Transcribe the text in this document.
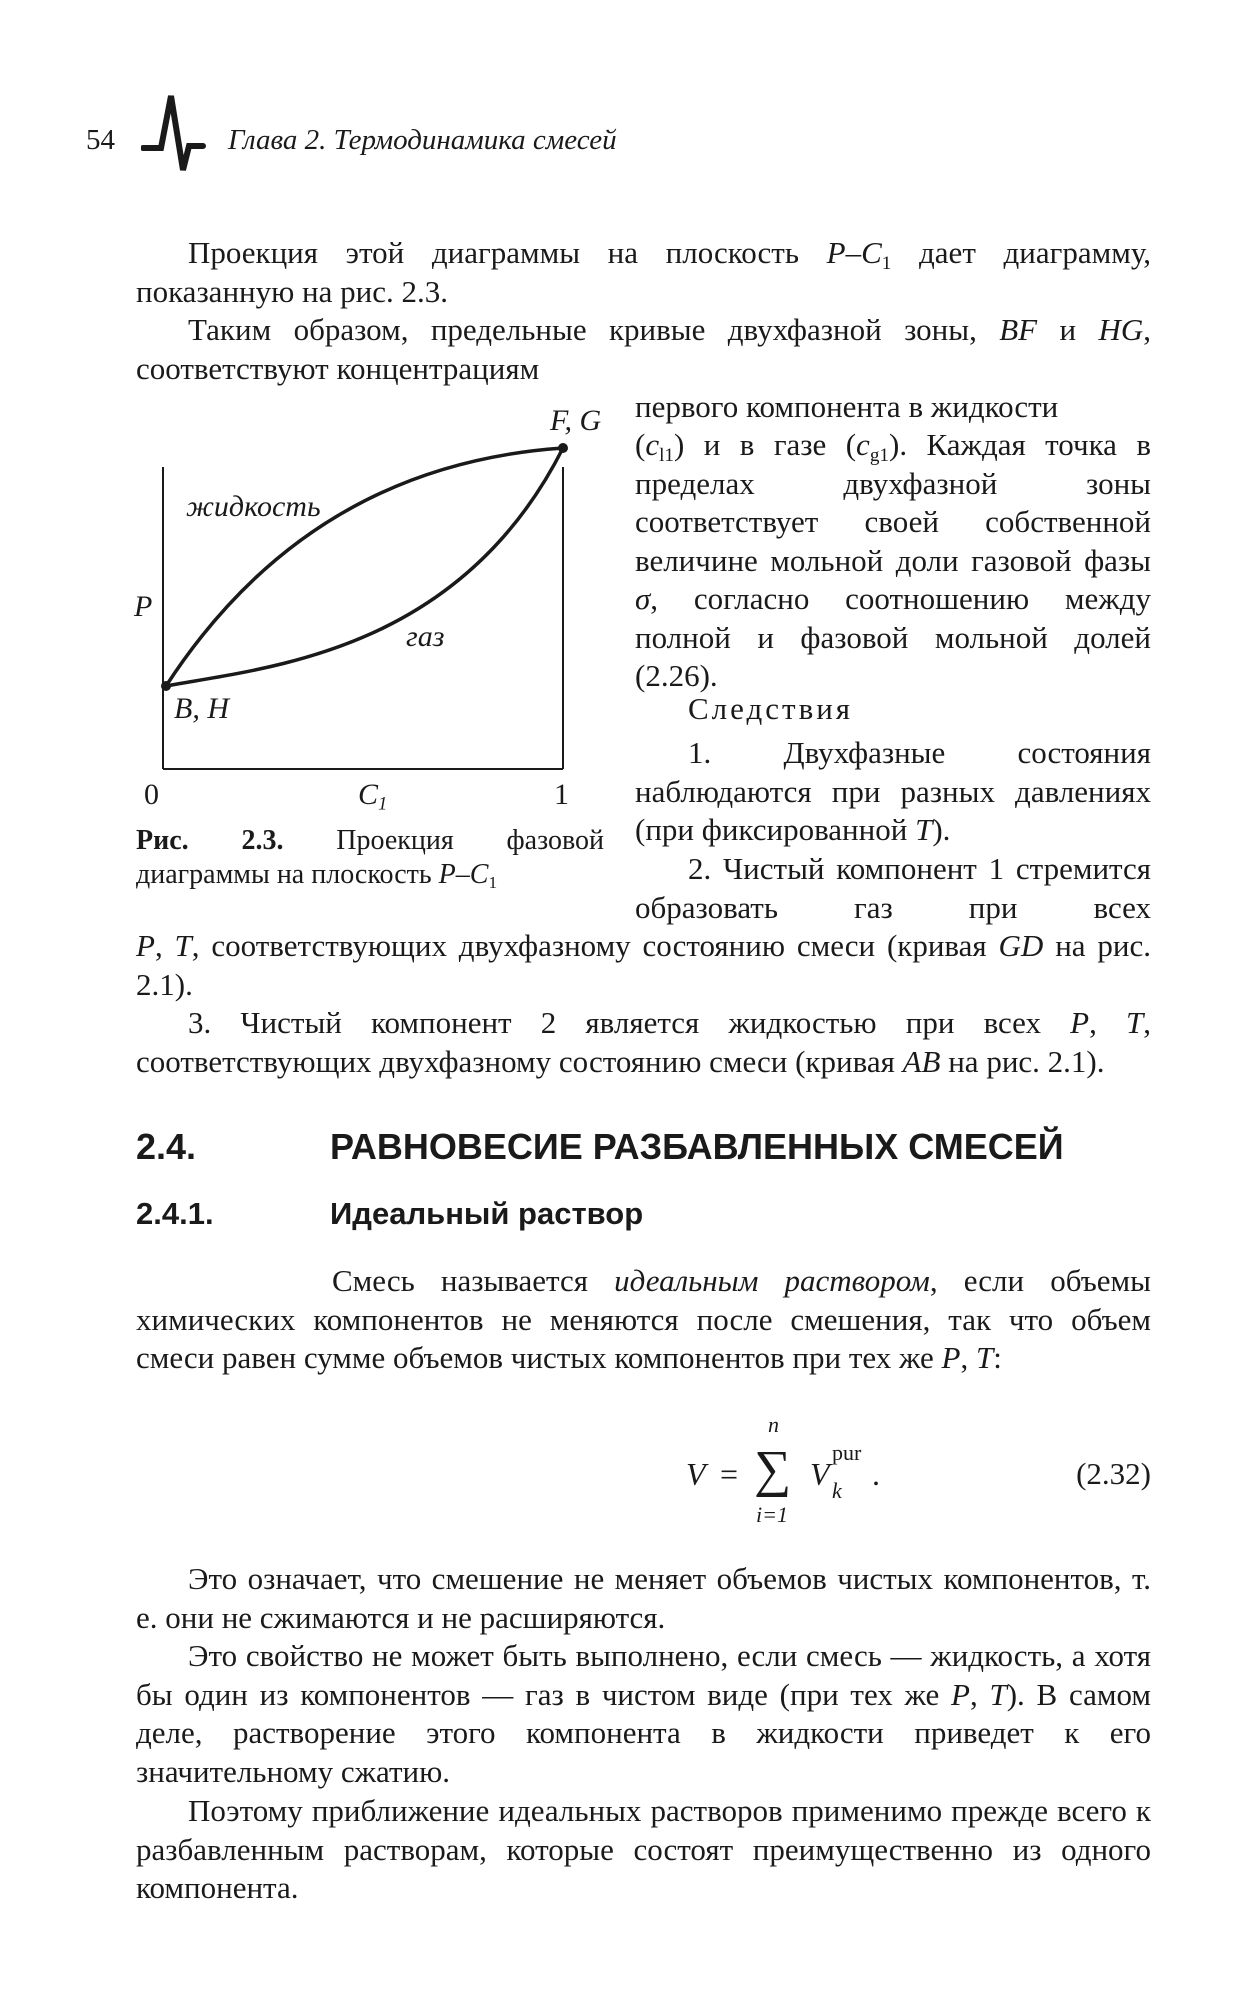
54	Глава 2. Термодинамика смесей
Проекция этой диаграммы на плоскость $P-C_1$ дает диаграмму, показанную на рис. 2.3.
Таким образом, предельные кривые двухфазной зоны, BF и HG, соответствуют концентрациям
первого компонента в жидкости
$(c_{l1})$ и в газе $(c_{g1})$. Каждая точка в пределах двухфазной зоны соответствует своей собственной величине мольной доли газовой фазы σ, согласно соотношению между полной и фазовой мольной долей (2.26).
F, G
жидкость
P
газ
B, H
0	$C_1$	1
Рис. 2.3. Проекция фазовой диаграммы на плоскость $P-C_1$
Следствия
1. Двухфазные состояния наблюдаются при разных давлениях (при фиксированной T).
2. Чистый компонент 1 стремится образовать газ при всех
P, T, соответствующих двухфазному состоянию смеси (кривая GD на рис. 2.1).
3. Чистый компонент 2 является жидкостью при всех P, T, соответствующих двухфазному состоянию смеси (кривая AB на рис. 2.1).
2.4.	РАВНОВЕСИЕ РАЗБАВЛЕННЫХ СМЕСЕЙ
2.4.1.	Идеальный раствор
Смесь называется идеальным раствором, если объемы химических компонентов не меняются после смешения, так что объем смеси равен сумме объемов чистых компонентов при тех же P, T:
V = ∑
n
i=1
V
pur
k .	(2.32)
Это означает, что смешение не меняет объемов чистых компонентов, т. е. они не сжимаются и не расширяются.
Это свойство не может быть выполнено, если смесь — жидкость, а хотя бы один из компонентов — газ в чистом виде (при тех же P, T). В самом деле, растворение этого компонента в жидкости приведет к его значительному сжатию.
Поэтому приближение идеальных растворов применимо прежде всего к разбавленным растворам, которые состоят преимущественно из одного компонента.
